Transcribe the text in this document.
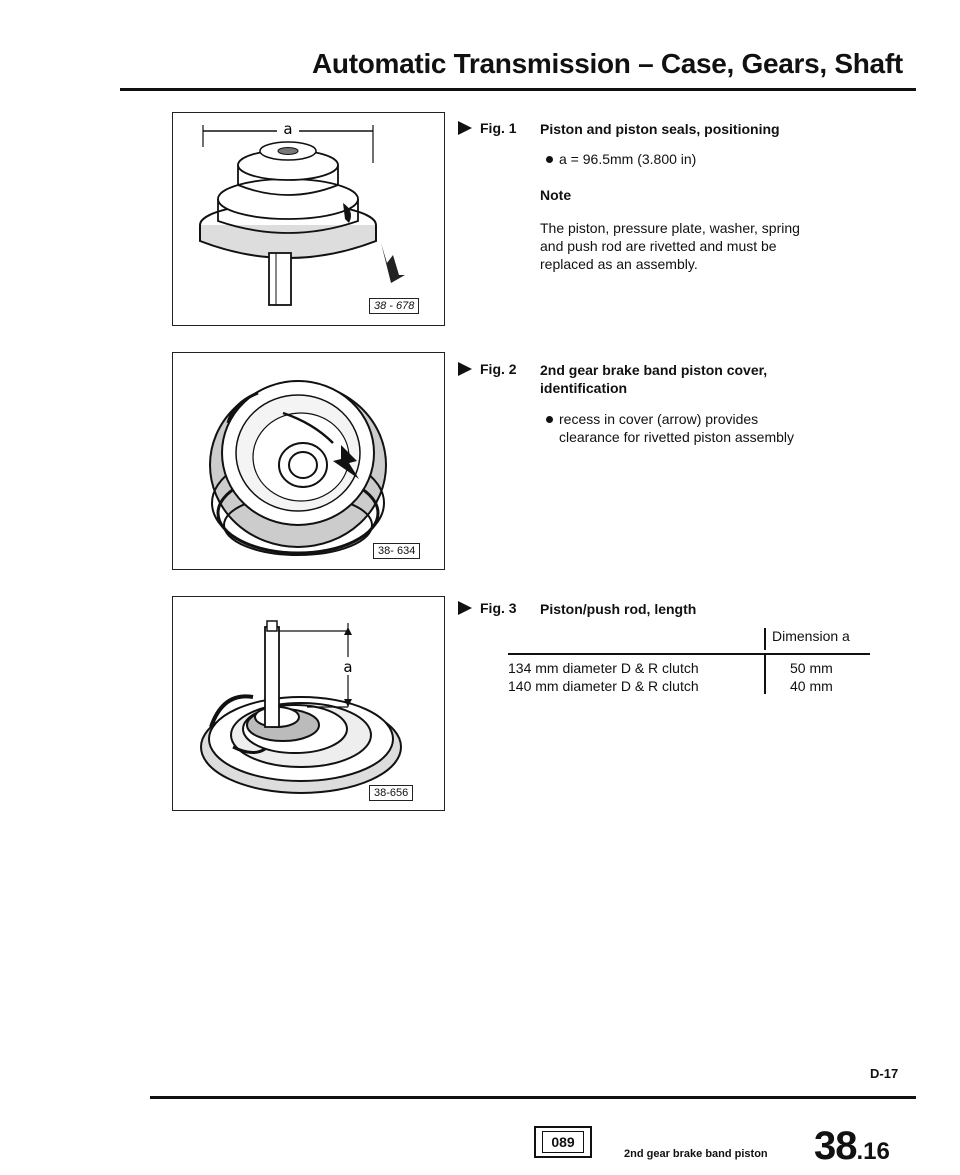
Automatic Transmission – Case, Gears, Shaft
a
38 - 678
Fig. 1 Piston and piston seals, positioning
a = 96.5mm (3.800 in)
Note
The piston, pressure plate, washer, spring
and push rod are rivetted and must be
replaced as an assembly.
38- 634
Fig. 2 2nd gear brake band piston cover,
identification
recess in cover (arrow) provides
clearance for rivetted piston assembly
a
38-656
Fig. 3 Piston/push rod, length
Dimension a
134 mm diameter D & R clutch	50 mm
140 mm diameter D & R clutch	40 mm
D-17
089
2nd gear brake band piston 38.16
